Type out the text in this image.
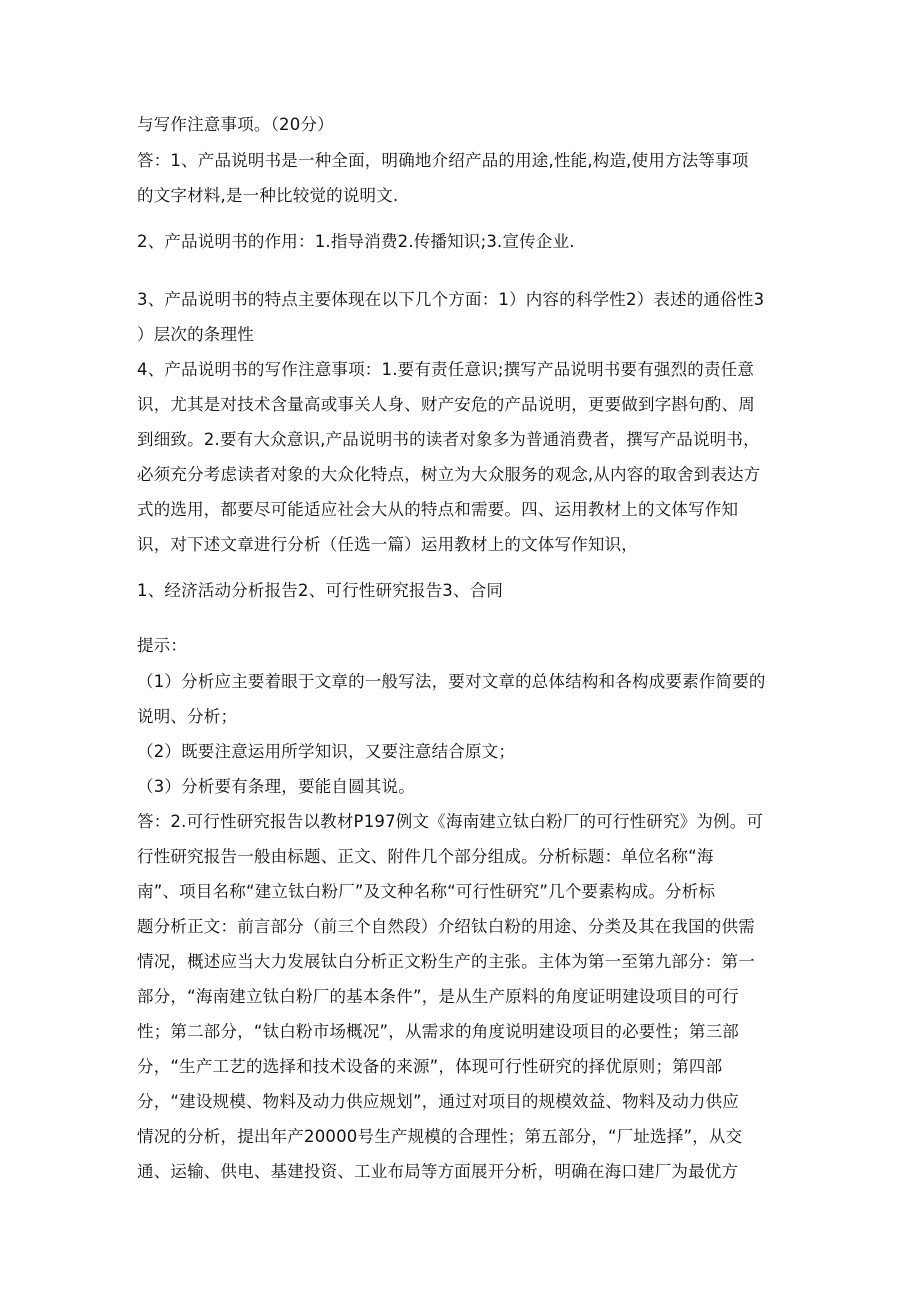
与写作注意事项。（20分）
答：1、产品说明书是一种全面，明确地介绍产品的用途,性能,构造,使用方法等事项
的文字材料,是一种比较觉的说明文.
2、产品说明书的作用：1.指导消费2.传播知识;3.宣传企业.
3、产品说明书的特点主要体现在以下几个方面：1）内容的科学性2）表述的通俗性3
）层次的条理性
4、产品说明书的写作注意事项：1.要有责任意识;撰写产品说明书要有强烈的责任意
识，尤其是对技术含量高或事关人身、财产安危的产品说明，更要做到字斟句酌、周
到细致。2.要有大众意识,产品说明书的读者对象多为普通消费者，撰写产品说明书，
必须充分考虑读者对象的大众化特点，树立为大众服务的观念,从内容的取舍到表达方
式的选用，都要尽可能适应社会大从的特点和需要。四、运用教材上的文体写作知
识，对下述文章进行分析（任选一篇）运用教材上的文体写作知识，
1、经济活动分析报告2、可行性研究报告3、合同
提示：
（1）分析应主要着眼于文章的一般写法，要对文章的总体结构和各构成要素作简要的
说明、分析；
（2）既要注意运用所学知识，又要注意结合原文；
（3）分析要有条理，要能自圆其说。
答：2.可行性研究报告以教材P197例文《海南建立钛白粉厂的可行性研究》为例。可
行性研究报告一般由标题、正文、附件几个部分组成。分析标题：单位名称“海
南”、项目名称“建立钛白粉厂”及文种名称“可行性研究”几个要素构成。分析标
题分析正文：前言部分（前三个自然段）介绍钛白粉的用途、分类及其在我国的供需
情况，概述应当大力发展钛白分析正文粉生产的主张。主体为第一至第九部分：第一
部分，“海南建立钛白粉厂的基本条件”，是从生产原料的角度证明建设项目的可行
性；第二部分，“钛白粉市场概况”，从需求的角度说明建设项目的必要性；第三部
分，“生产工艺的选择和技术设备的来源”，体现可行性研究的择优原则；第四部
分，“建设规模、物料及动力供应规划”，通过对项目的规模效益、物料及动力供应
情况的分析，提出年产20000号生产规模的合理性；第五部分，“厂址选择”，从交
通、运输、供电、基建投资、工业布局等方面展开分析，明确在海口建厂为最优方
